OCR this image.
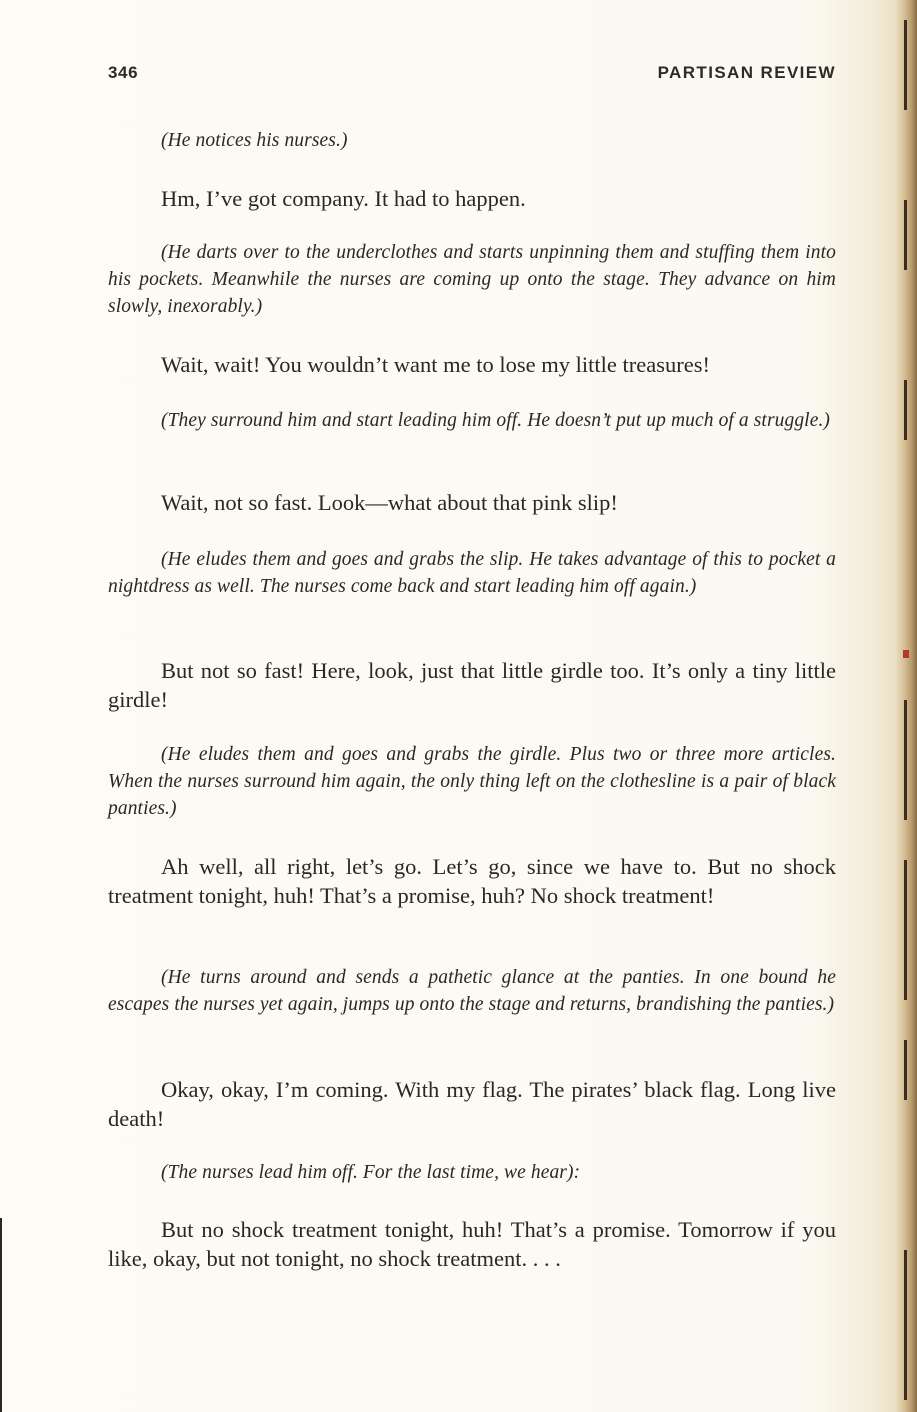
346	PARTISAN REVIEW

(He notices his nurses.)

Hm, I’ve got company. It had to happen.

(He darts over to the underclothes and starts unpinning them and stuffing them into his pockets. Meanwhile the nurses are coming up onto the stage. They advance on him slowly, inexorably.)

Wait, wait! You wouldn’t want me to lose my little treasures!

(They surround him and start leading him off. He doesn’t put up much of a struggle.)

Wait, not so fast. Look—what about that pink slip!

(He eludes them and goes and grabs the slip. He takes advantage of this to pocket a nightdress as well. The nurses come back and start leading him off again.)

But not so fast! Here, look, just that little girdle too. It’s only a tiny little girdle!

(He eludes them and goes and grabs the girdle. Plus two or three more articles. When the nurses surround him again, the only thing left on the clothesline is a pair of black panties.)

Ah well, all right, let’s go. Let’s go, since we have to. But no shock treatment tonight, huh! That’s a promise, huh? No shock treatment!

(He turns around and sends a pathetic glance at the panties. In one bound he escapes the nurses yet again, jumps up onto the stage and returns, brandishing the panties.)

Okay, okay, I’m coming. With my flag. The pirates’ black flag. Long live death!

(The nurses lead him off. For the last time, we hear):

But no shock treatment tonight, huh! That’s a promise. Tomorrow if you like, okay, but not tonight, no shock treatment. . . .
